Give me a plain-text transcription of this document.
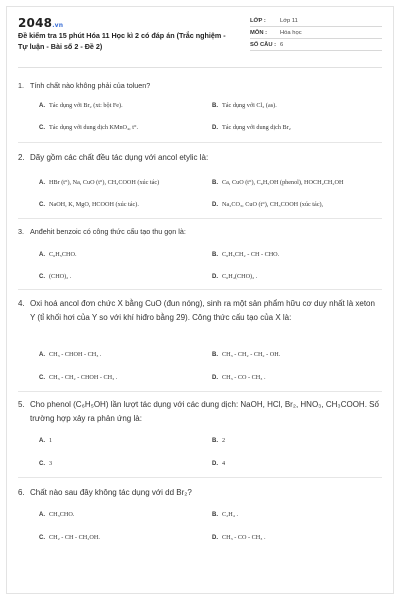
2048.vn
Đề kiểm tra 15 phút Hóa 11 Học kì 2 có đáp án (Trắc nghiệm - Tự luận - Bài số 2 - Đề 2)
LỚP :	Lớp 11
MÔN :	Hóa học
SỐ CÂU : 6
1. Tính chất nào không phải của toluen?
A. Tác dụng với Br₂ (xt: bột Fe).	B. Tác dụng với Cl₂ (as).
C. Tác dụng với dung dịch KMnO₄, t°.	D. Tác dụng với dung dịch Br₂
2. Dãy gồm các chất đều tác dụng với ancol etylic là:
A. HBr (t°), Na, CuO (t°), CH₃COOH (xúc tác)	B. Ca, CuO (t°), C₆H₅OH (phenol), HOCH₂CH₂OH
C. NaOH, K, MgO, HCOOH (xúc tác).	D. Na₂CO₃, CuO (t°), CH₃COOH (xúc tác),
3. Anđehit benzoic có công thức cấu tạo thu gọn là:
A. C₆H₅CHO.	B. C₆H₅CH₂ - CH - CHO.
C. (CHO)₂ .	D. C₆H₄(CHO)₂ .
4. Oxi hoá ancol đơn chức X bằng CuO (đun nóng), sinh ra một sản phẩm hữu cơ duy nhất là xeton Y (tỉ khối hơi của Y so với khí hiđro bằng 29). Công thức cấu tạo của X là:
A. CH₃ - CHOH - CH₃ .	B. CH₃ - CH₂ - CH₂ - OH.
C. CH₃ - CH₂ - CHOH - CH₃ .	D. CH₃ - CO - CH₃ .
5. Cho phenol (C₆H₅OH) lần lượt tác dụng với các dung dịch: NaOH, HCl, Br₂, HNO₃, CH₃COOH. Số trường hợp xảy ra phản ứng là:
A. 1	B. 2
C. 3	D. 4
6. Chất nào sau đây không tác dụng với dd Br₂?
A. CH₃CHO.	B. C₂H₄ .
C. CH₂ - CH - CH₂OH.	D. CH₃ - CO - CH₃ .
